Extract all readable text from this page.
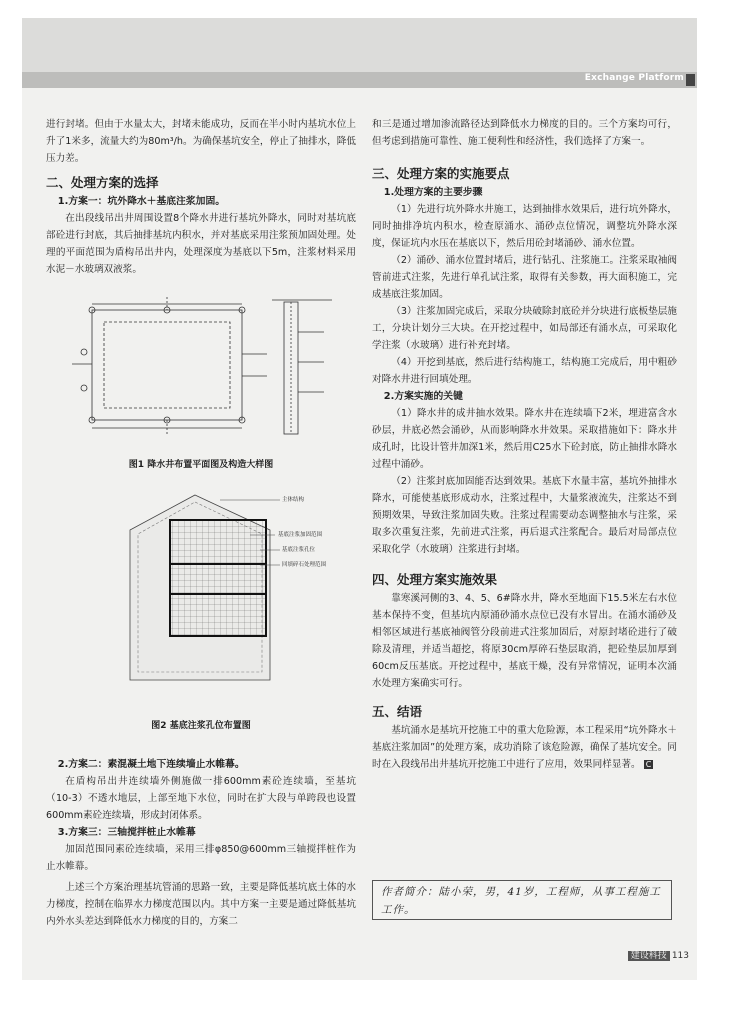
Exchange Platform

进行封堵。但由于水量太大，封堵未能成功，反而在半小时内基坑水位上升了1米多，流量大约为80m³/h。为确保基坑安全，停止了抽排水，降低压力差。

二、处理方案的选择
1.方案一：坑外降水＋基底注浆加固。

在出段线吊出井周围设置8个降水井进行基坑外降水，同时对基坑底部砼进行封底，其后抽排基坑内积水，并对基底采用注浆预加固处理。处理的平面范围为盾构吊出井内，处理深度为基底以下5m，注浆材料采用水泥－水玻璃双液浆。

图1 降水井布置平面图及构造大样图
主体结构
基底注浆加固范围
基底注浆孔位
回填碎石处理范围
图2 基底注浆孔位布置图
2.方案二：素混凝土地下连续墙止水帷幕。

在盾构吊出井连续墙外侧施做一排600mm素砼连续墙，至基坑（10-3）不透水地层，上部至地下水位，同时在扩大段与单跨段也设置600mm素砼连续墙，形成封闭体系。

3.方案三：三轴搅拌桩止水帷幕

加固范围同素砼连续墙，采用三排φ850@600mm三轴搅拌桩作为止水帷幕。

上述三个方案治理基坑管涌的思路一致，主要是降低基坑底土体的水力梯度，控制在临界水力梯度范围以内。其中方案一主要是通过降低基坑内外水头差达到降低水力梯度的目的，方案二

和三是通过增加渗流路径达到降低水力梯度的目的。三个方案均可行，但考虑到措施可靠性、施工便利性和经济性，我们选择了方案一。

三、处理方案的实施要点
1.处理方案的主要步骤

（1）先进行坑外降水井施工，达到抽排水效果后，进行坑外降水，同时抽排净坑内积水，检查原涌水、涌砂点位情况，调整坑外降水深度，保证坑内水压在基底以下，然后用砼封堵涌砂、涌水位置。

（2）涌砂、涌水位置封堵后，进行钻孔、注浆施工。注浆采取袖阀管前进式注浆，先进行单孔试注浆，取得有关参数，再大面积施工，完成基底注浆加固。

（3）注浆加固完成后，采取分块破除封底砼并分块进行底板垫层施工，分块计划分三大块。在开挖过程中，如局部还有涌水点，可采取化学注浆（水玻璃）进行补充封堵。

（4）开挖到基底，然后进行结构施工，结构施工完成后，用中粗砂对降水井进行回填处理。

2.方案实施的关键

（1）降水井的成井抽水效果。降水井在连续墙下2米，埋进富含水砂层，井底必然会涌砂，从而影响降水井效果。采取措施如下：降水井成孔时，比设计管井加深1米，然后用C25水下砼封底，防止抽排水降水过程中涌砂。

（2）注浆封底加固能否达到效果。基底下水量丰富，基坑外抽排水降水，可能使基底形成动水，注浆过程中，大量浆液流失，注浆达不到预期效果，导致注浆加固失败。注浆过程需要动态调整抽水与注浆，采取多次重复注浆，先前进式注浆，再后退式注浆配合。最后对局部点位采取化学（水玻璃）注浆进行封堵。

四、处理方案实施效果

靠寒溪河侧的3、4、5、6#降水井，降水至地面下15.5米左右水位基本保持不变，但基坑内原涌砂涌水点位已没有水冒出。在涌水涌砂及相邻区域进行基底袖阀管分段前进式注浆加固后，对原封堵砼进行了破除及清理，并适当超挖，将原30cm厚碎石垫层取消，把砼垫层加厚到60cm反压基底。开挖过程中，基底干燥，没有异常情况，证明本次涌水处理方案确实可行。

五、结语

基坑涌水是基坑开挖施工中的重大危险源，本工程采用“坑外降水＋基底注浆加固”的处理方案，成功消除了该危险源，确保了基坑安全。同时在入段线吊出井基坑开挖施工中进行了应用，效果同样显著。 C

作者简介：陆小荣，男，41岁，工程师，从事工程施工工作。
建设科技 113
